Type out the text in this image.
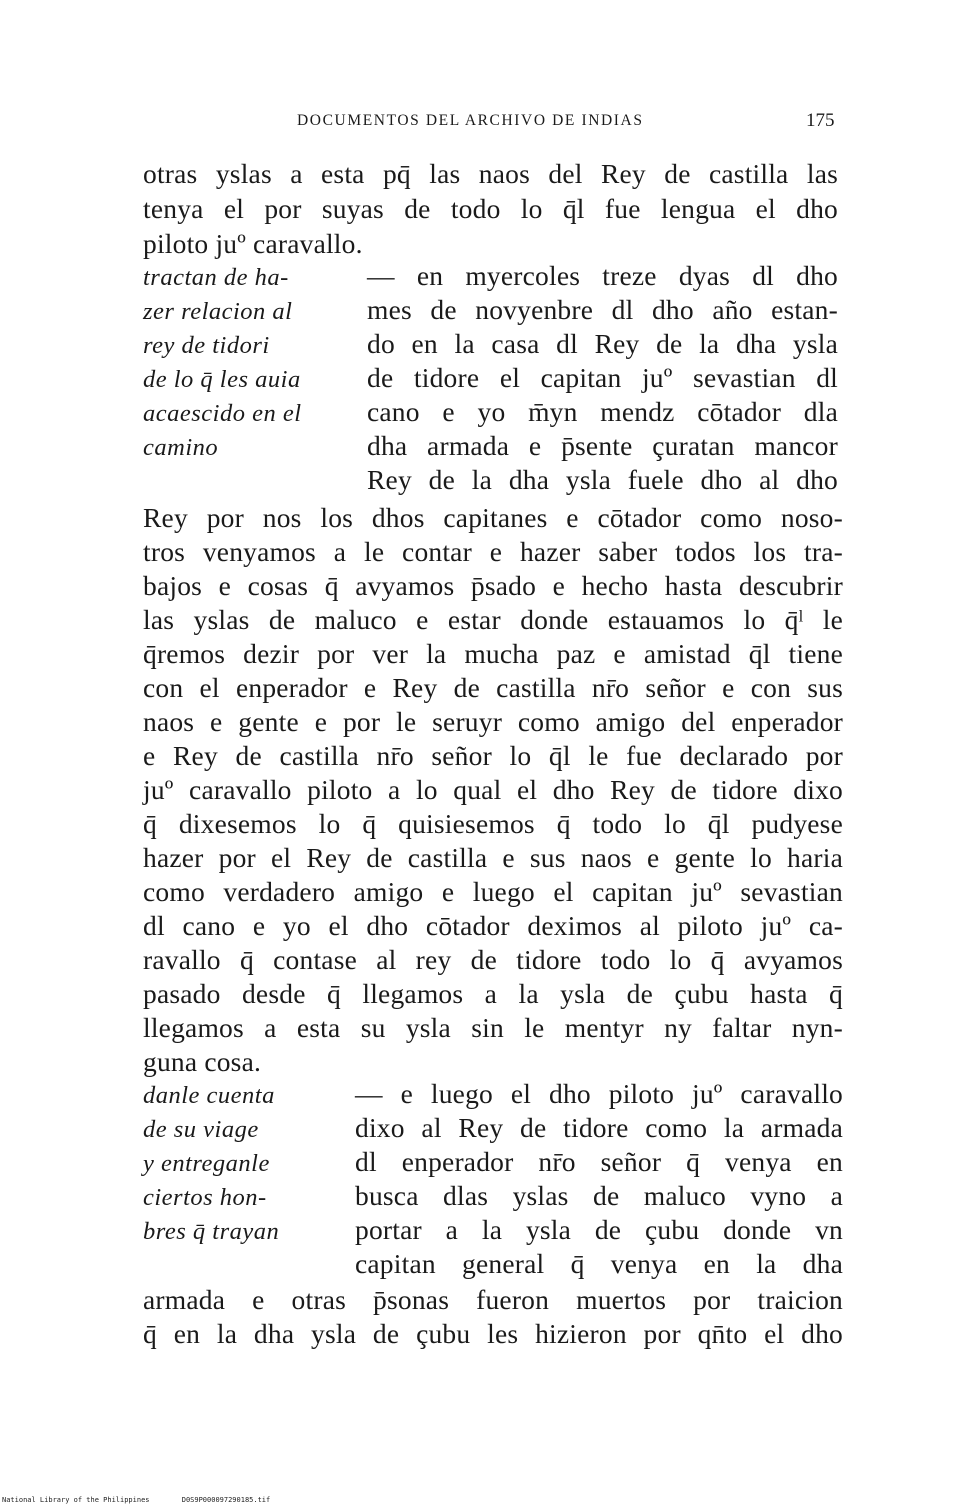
DOCUMENTOS DEL ARCHIVO DE INDIAS	175
otras yslas a esta pq̄ las naos del Rey de castilla las
tenya el por suyas de todo lo q̄l fue lengua el dho
piloto juº caravallo.
tractan de ha-
zer relacion al
rey de tidori
de lo q̄ les auia
acaescido en el
camino
— en myercoles treze dyas dl dho
mes de novyenbre dl dho año estan-
do en la casa dl Rey de la dha ysla
de tidore el capitan juº sevastian dl
cano e yo m̄yn mendz cōtador dla
dha armada e p̄sente çuratan mancor
Rey de la dha ysla fuele dho al dho
Rey por nos los dhos capitanes e cōtador como noso-
tros venyamos a le contar e hazer saber todos los tra-
bajos e cosas q̄ avyamos p̄sado e hecho hasta descubrir
las yslas de maluco e estar donde estauamos lo q̄ˡ le
q̄remos dezir por ver la mucha paz e amistad q̄l tiene
con el enperador e Rey de castilla nr̄o señor e con sus
naos e gente e por le seruyr como amigo del enperador
e Rey de castilla nr̄o señor lo q̄l le fue declarado por
juº caravallo piloto a lo qual el dho Rey de tidore dixo
q̄ dixesemos lo q̄ quisiesemos q̄ todo lo q̄l pudyese
hazer por el Rey de castilla e sus naos e gente lo haria
como verdadero amigo e luego el capitan juº sevastian
dl cano e yo el dho cōtador deximos al piloto juº ca-
ravallo q̄ contase al rey de tidore todo lo q̄ avyamos
pasado desde q̄ llegamos a la ysla de çubu hasta q̄
llegamos a esta su ysla sin le mentyr ny faltar nyn-
guna cosa.
danle cuenta
de su viage
y entreganle
ciertos hon-
bres q̄ trayan
— e luego el dho piloto juº caravallo
dixo al Rey de tidore como la armada
dl enperador nr̄o señor q̄ venya en
busca dlas yslas de maluco vyno a
portar a la ysla de çubu donde vn
capitan general q̄ venya en la dha
armada e otras p̄sonas fueron muertos por traicion
q̄ en la dha ysla de çubu les hizieron por qn̄to el dho
National Library of the Philippines	D0S9P000097290185.tif
